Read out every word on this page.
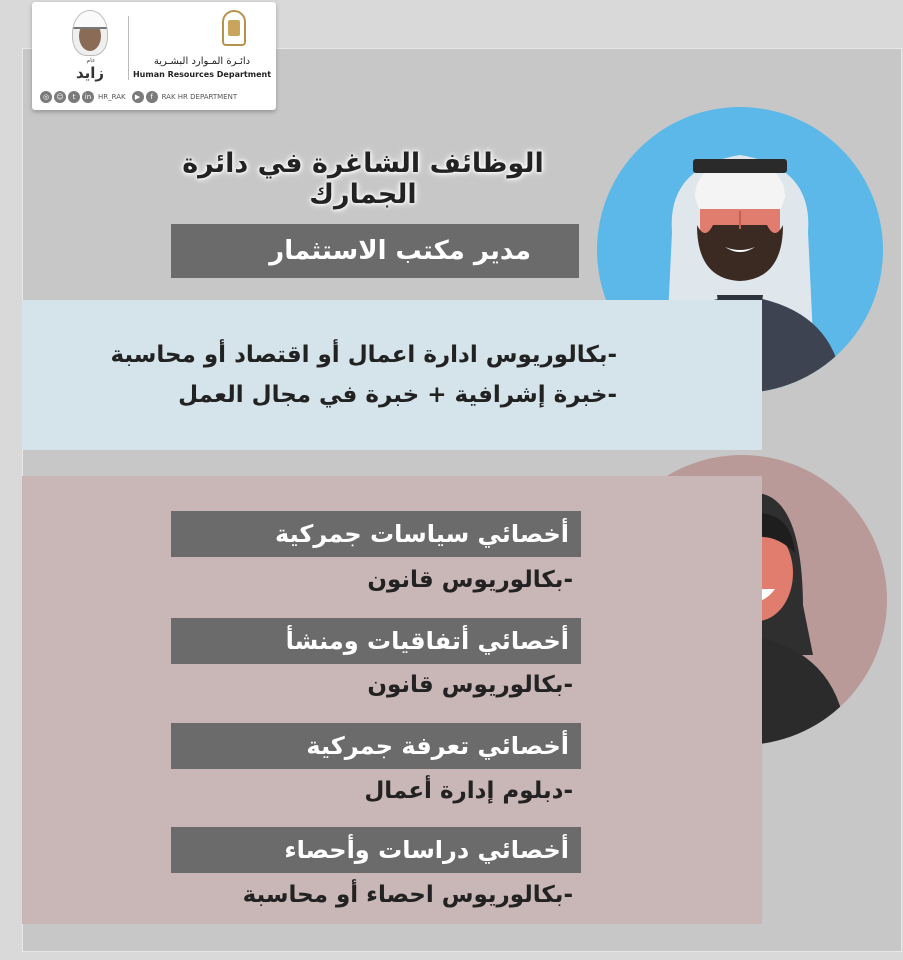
عام
زايد
دائـرة المـوارد البشـرية
Human Resources Department
◎	☺	t	in HR_RAK	▶	f	RAK HR DEPARTMENT
الوظائف الشاغرة في دائرة الجمارك
مدير مكتب الاستثمار
-بكالوريوس ادارة اعمال أو اقتصاد أو محاسبة
-خبرة إشرافية + خبرة في مجال العمل
أخصائي سياسات جمركية
-بكالوريوس قانون
أخصائي أتفاقيات ومنشأ
-بكالوريوس قانون
أخصائي تعرفة جمركية
-دبلوم إدارة أعمال
أخصائي دراسات وأحصاء
-بكالوريوس احصاء أو محاسبة
